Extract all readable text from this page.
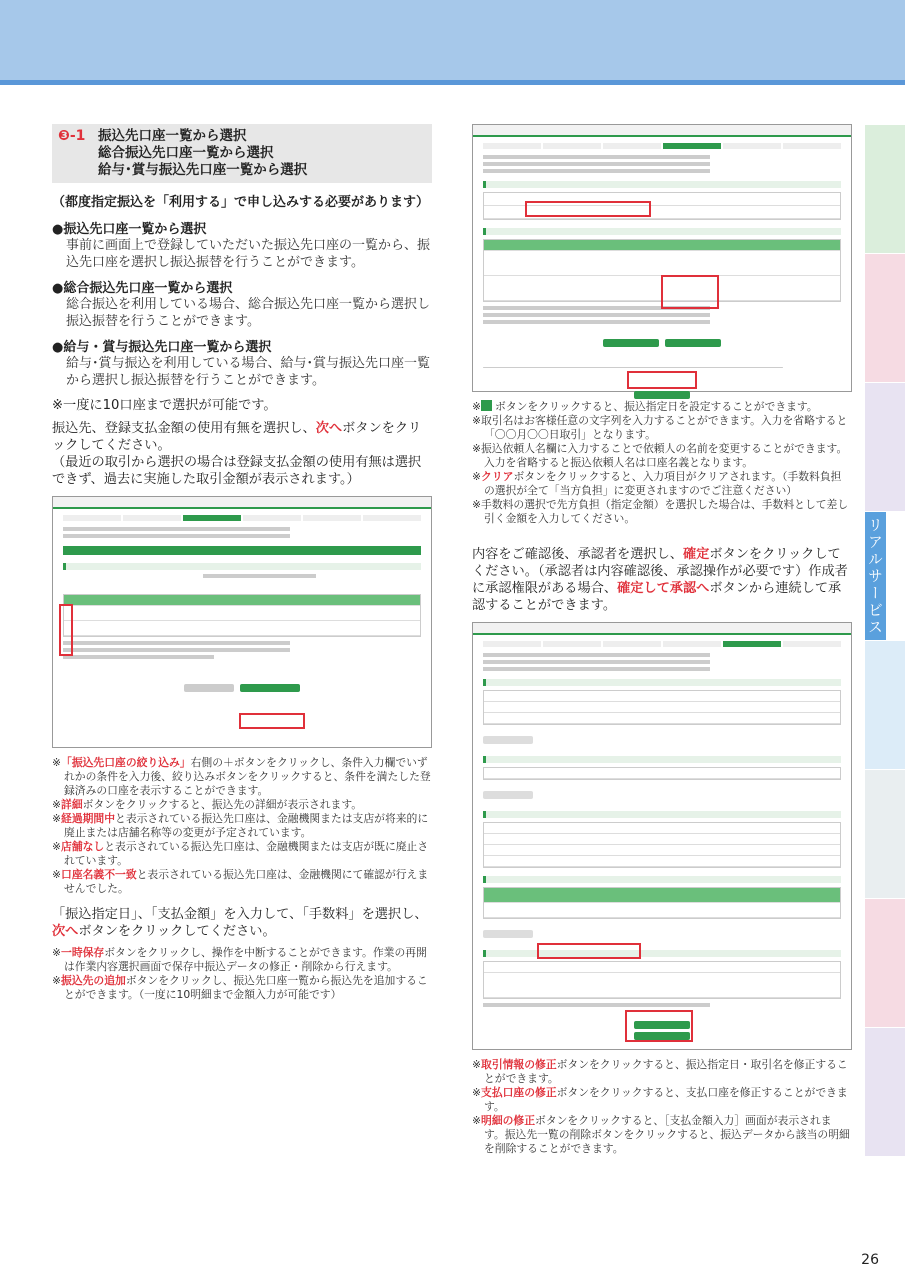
リアルサービス
❸-1 振込先口座一覧から選択
総合振込先口座一覧から選択
給与･賞与振込先口座一覧から選択
（都度指定振込を「利用する」で申し込みする必要があります）
●振込先口座一覧から選択
事前に画面上で登録していただいた振込先口座の一覧から、振込先口座を選択し振込振替を行うことができます。
●総合振込先口座一覧から選択
総合振込を利用している場合、総合振込先口座一覧から選択し振込振替を行うことができます。
●給与・賞与振込先口座一覧から選択
給与･賞与振込を利用している場合、給与･賞与振込先口座一覧から選択し振込振替を行うことができます。
※一度に10口座まで選択が可能です。
振込先、登録支払金額の使用有無を選択し、次へボタンをクリックしてください。
（最近の取引から選択の場合は登録支払金額の使用有無は選択できず、過去に実施した取引金額が表示されます。）

※「振込先口座の絞り込み」右側の＋ボタンをクリックし、条件入力欄でいずれかの条件を入力後、絞り込みボタンをクリックすると、条件を満たした登録済みの口座を表示することができます。

※詳細ボタンをクリックすると、振込先の詳細が表示されます。

※経過期間中と表示されている振込先口座は、金融機関または支店が将来的に廃止または店舗名称等の変更が予定されています。

※店舗なしと表示されている振込先口座は、金融機関または支店が既に廃止されています。

※口座名義不一致と表示されている振込先口座は、金融機関にて確認が行えませんでした。

「振込指定日」、「支払金額」を入力して、「手数料」を選択し、次へボタンをクリックしてください。

※一時保存ボタンをクリックし、操作を中断することができます。作業の再開は作業内容選択画面で保存中振込データの修正・削除から行えます。

※振込先の追加ボタンをクリックし、振込先口座一覧から振込先を追加することができます。（一度に10明細まで金額入力が可能です）

※ ボタンをクリックすると、振込指定日を設定することができます。

※取引名はお客様任意の文字列を入力することができます。入力を省略すると「〇〇月〇〇日取引」となります。

※振込依頼人名欄に入力することで依頼人の名前を変更することができます。入力を省略すると振込依頼人名は口座名義となります。

※クリアボタンをクリックすると、入力項目がクリアされます。（手数料負担の選択が全て「当方負担」に変更されますのでご注意ください）

※手数料の選択で先方負担（指定金額）を選択した場合は、手数料として差し引く金額を入力してください。

内容をご確認後、承認者を選択し、確定ボタンをクリックしてください。（承認者は内容確認後、承認操作が必要です）作成者に承認権限がある場合、確定して承認へボタンから連続して承認することができます。

※取引情報の修正ボタンをクリックすると、振込指定日・取引名を修正することができます。

※支払口座の修正ボタンをクリックすると、支払口座を修正することができます。

※明細の修正ボタンをクリックすると、［支払金額入力］画面が表示されます。振込先一覧の削除ボタンをクリックすると、振込データから該当の明細を削除することができます。

26
